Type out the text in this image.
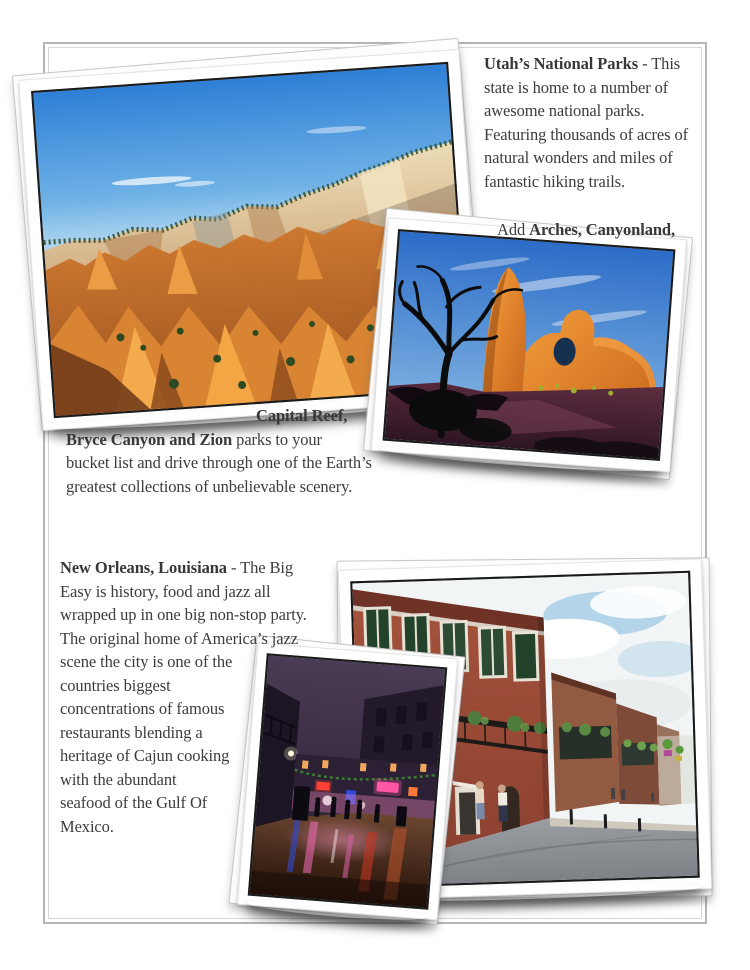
Utah’s National Parks - This
state is home to a number of
awesome national parks.
Featuring thousands of acres of
natural wonders and miles of
fantastic hiking trails.
Add Arches, Canyonland,
Capital Reef,
Bryce Canyon and Zion parks to your
bucket list and drive through one of the Earth’s
greatest collections of unbelievable scenery.
New Orleans, Louisiana - The Big
Easy is history, food and jazz all
wrapped up in one big non-stop party.
The original home of America’s jazz
scene the city is one of the
countries biggest
concentrations of famous
restaurants blending a
heritage of Cajun cooking
with the abundant
seafood of the Gulf Of
Mexico.
